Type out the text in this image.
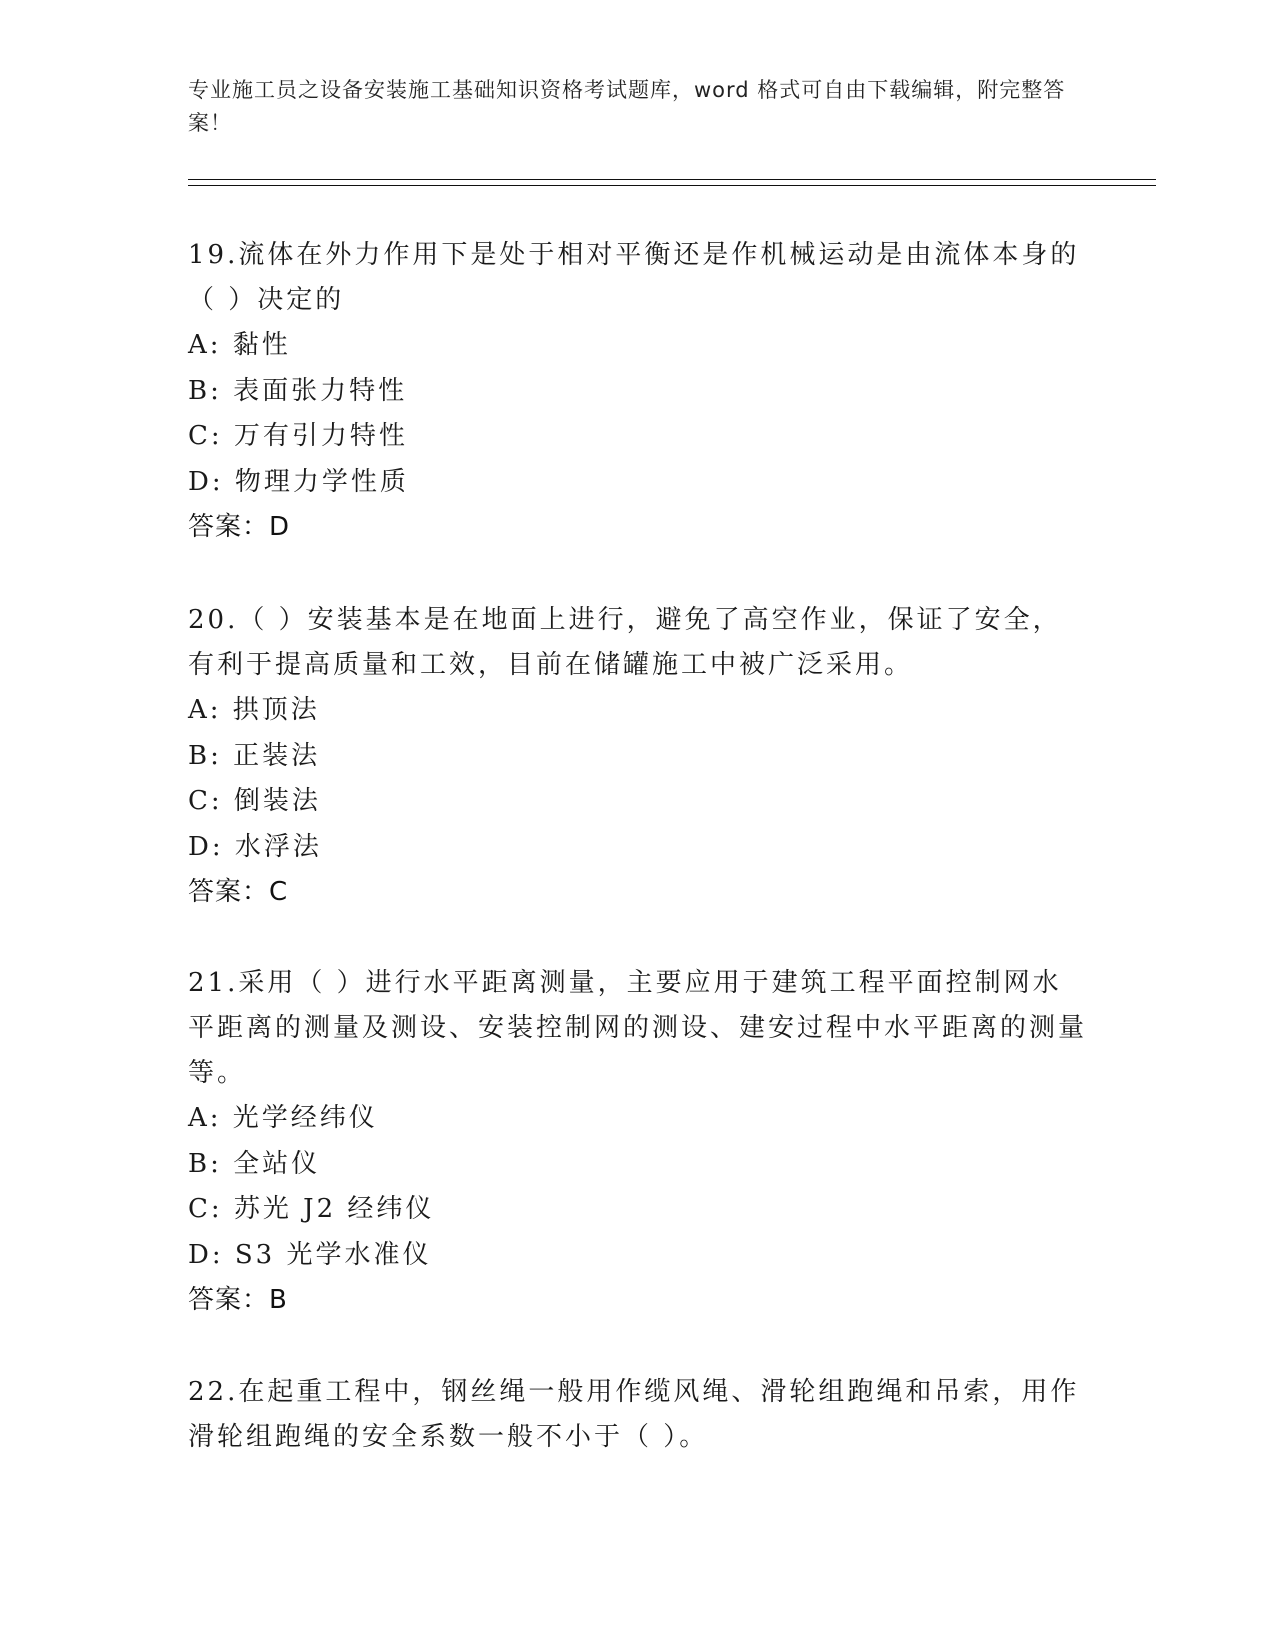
专业施工员之设备安装施工基础知识资格考试题库，word 格式可自由下载编辑，附完整答案！

19.流体在外力作用下是处于相对平衡还是作机械运动是由流体本身的（ ）决定的

A: 黏性
B: 表面张力特性
C: 万有引力特性
D: 物理力学性质
答案：D

20.（ ）安装基本是在地面上进行，避免了高空作业，保证了安全，有利于提高质量和工效，目前在储罐施工中被广泛采用。

A: 拱顶法
B: 正装法
C: 倒装法
D: 水浮法
答案：C

21.采用（ ）进行水平距离测量，主要应用于建筑工程平面控制网水平距离的测量及测设、安装控制网的测设、建安过程中水平距离的测量等。

A: 光学经纬仪
B: 全站仪
C: 苏光 J2 经纬仪
D: S3 光学水准仪
答案：B

22.在起重工程中，钢丝绳一般用作缆风绳、滑轮组跑绳和吊索，用作滑轮组跑绳的安全系数一般不小于（ ）。
